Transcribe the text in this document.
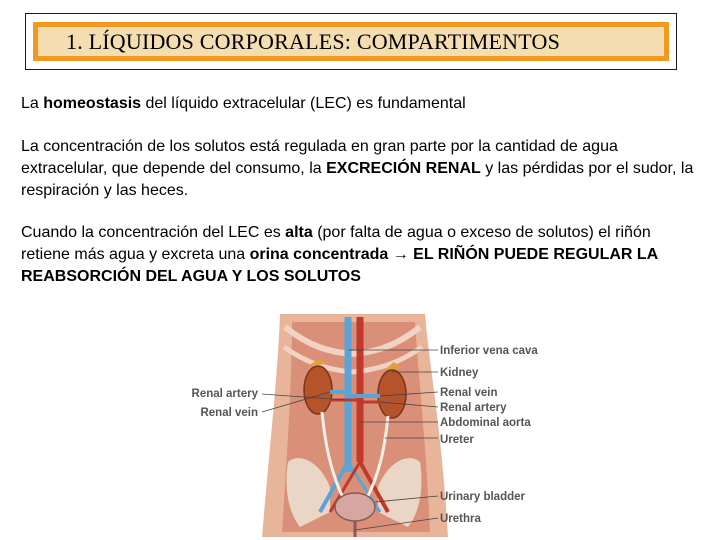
1. LÍQUIDOS CORPORALES: COMPARTIMENTOS

La homeostasis del líquido extracelular (LEC) es fundamental

La concentración de los solutos está regulada en gran parte por la cantidad de agua extracelular, que depende del consumo, la EXCRECIÓN RENAL y las pérdidas por el sudor, la respiración y las heces.

Cuando la concentración del LEC es alta (por falta de agua o exceso de solutos) el riñón retiene más agua y excreta una orina concentrada → EL RIÑÓN PUEDE REGULAR LA REABSORCIÓN DEL AGUA Y LOS SOLUTOS

Inferior vena cava
Kidney
Renal vein
Renal artery
Abdominal aorta
Ureter
Urinary bladder
Urethra
Renal artery
Renal vein
